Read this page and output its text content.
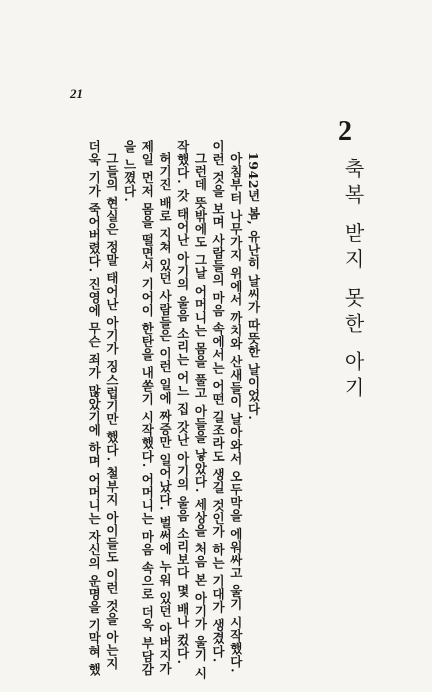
21
2
축복 받지 못한 아기
1942년 봄, 유난히 날씨가 따뜻한 날이었다.
아침부터 나무가지 위에서 까치와 산새들이 날아와서 오두막을 에워싸고 울기 시작했다.
이런 것을 보며 사람들의 마음 속에서는 어떤 길조라도 생길 것인가 하는 기대가 생겼다.
그런데 뜻밖에도 그날 어머니는 몸을 풀고 아들을 낳았다. 세상을 처음 본 아기가 울기 시
작했다. 갓 태어난 아기의 울음 소리는 어느 집 갓난 아기의 울음 소리보다 몇 배나 컸다.
허기진 배로 지쳐 있던 사람들은 이런 일에 짜증만 일어났다. 벌써에 누워 있던 아버지가
제일 먼저 몸을 떨면서 기어이 한탄을 내쏟기 시작했다. 어머니는 마음 속으로 더욱 부담감
을 느꼈다.
그들의 현실은 정말 태어난 아기가 징스럽기만 했다. 철부지 아이들도 이런 것을 아는지
더욱 기가 죽어버렸다. 진영에 무슨 죄가 많았기에 하며 어머니는 자신의 운명을 기막혀 했
